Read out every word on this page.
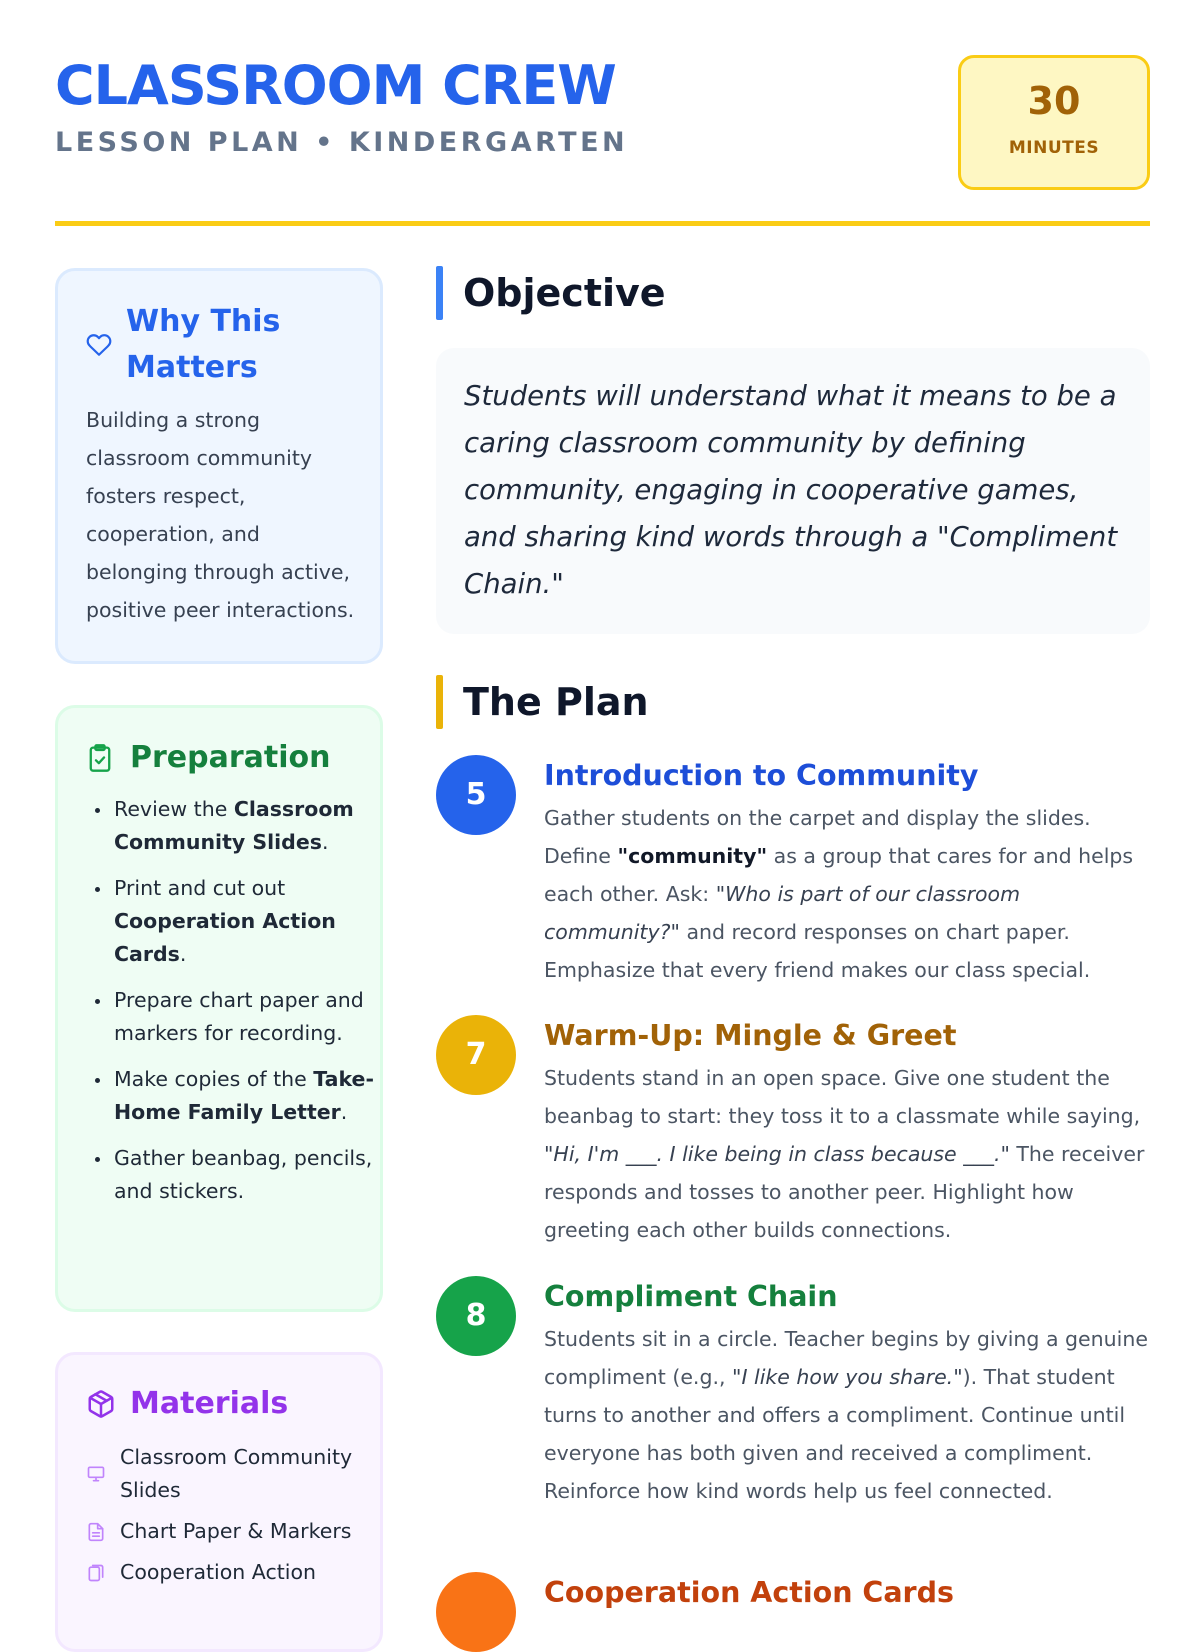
CLASSROOM CREW
LESSON PLAN • KINDERGARTEN
30
MINUTES
Why This Matters
Building a strong classroom community fosters respect, cooperation, and belonging through active, positive peer interactions.
Preparation
• Review the Classroom Community Slides.
• Print and cut out Cooperation Action Cards.
• Prepare chart paper and markers for recording.
• Make copies of the Take-Home Family Letter.
• Gather beanbag, pencils, and stickers.
Materials
Classroom Community Slides
Chart Paper & Markers
Cooperation Action
Objective

Students will understand what it means to be a caring classroom community by defining community, engaging in cooperative games, and sharing kind words through a "Compliment Chain."

The Plan
5
Introduction to Community

Gather students on the carpet and display the slides. Define "community" as a group that cares for and helps each other. Ask: "Who is part of our classroom community?" and record responses on chart paper. Emphasize that every friend makes our class special.

7
Warm-Up: Mingle & Greet

Students stand in an open space. Give one student the beanbag to start: they toss it to a classmate while saying, "Hi, I'm ___. I like being in class because ___." The receiver responds and tosses to another peer. Highlight how greeting each other builds connections.

8
Compliment Chain

Students sit in a circle. Teacher begins by giving a genuine compliment (e.g., "I like how you share."). That student turns to another and offers a compliment. Continue until everyone has both given and received a compliment. Reinforce how kind words help us feel connected.

Cooperation Action Cards
